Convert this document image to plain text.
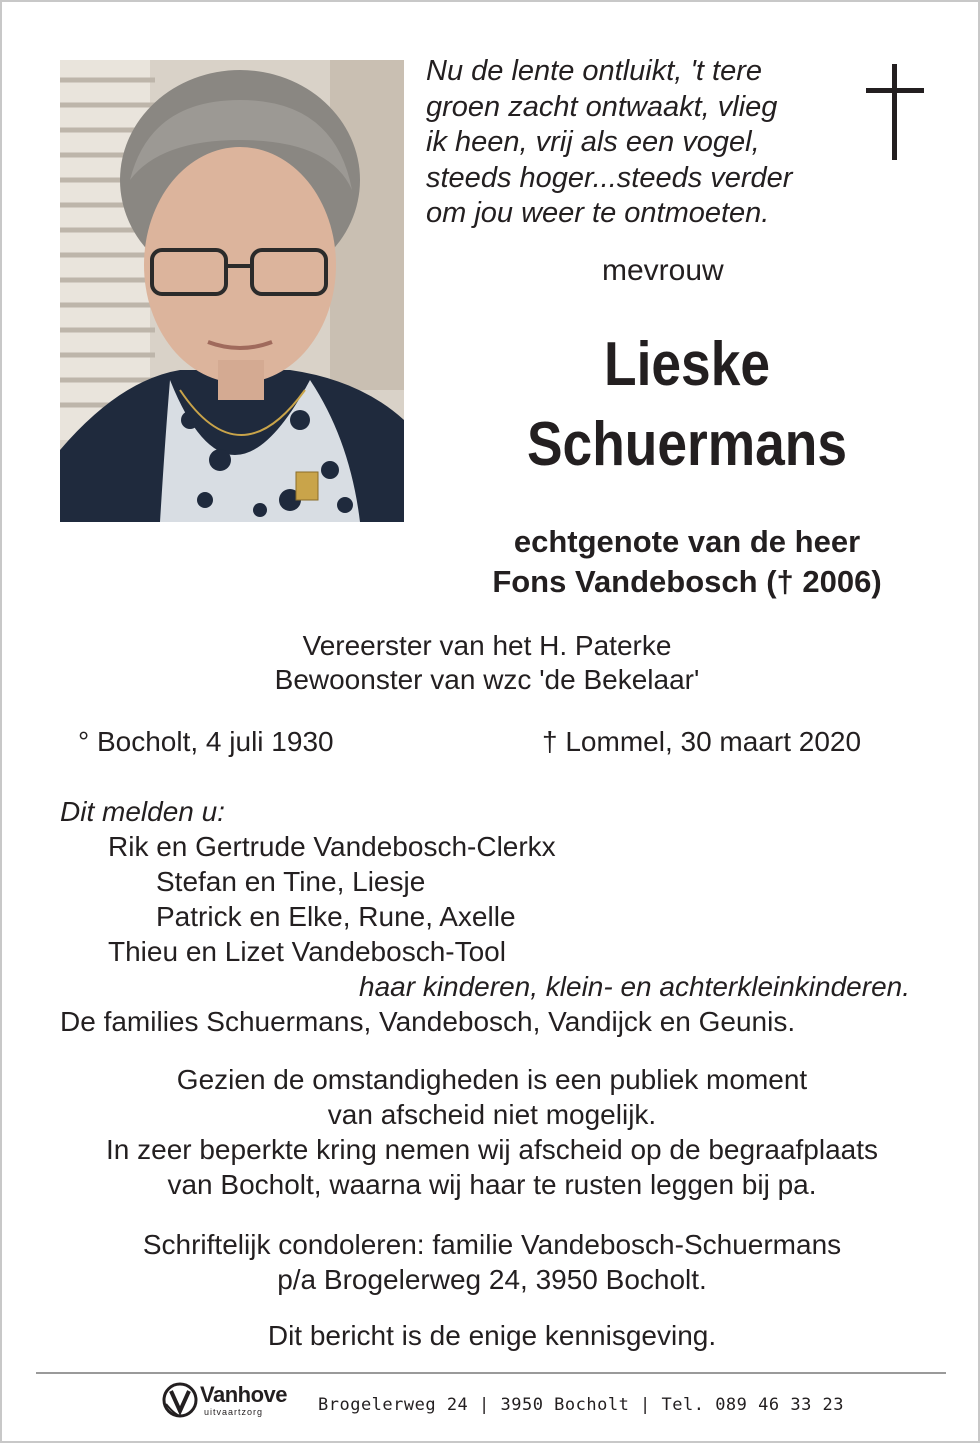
Nu de lente ontluikt, 't tere
groen zacht ontwaakt, vlieg
ik heen, vrij als een vogel,
steeds hoger...steeds verder
om jou weer te ontmoeten.
mevrouw
Lieske
Schuermans
echtgenote van de heer
Fons Vandebosch († 2006)
Vereerster van het H. Paterke
Bewoonster van wzc 'de Bekelaar'
° Bocholt, 4 juli 1930	† Lommel, 30 maart 2020
Dit melden u:
Rik en Gertrude Vandebosch-Clerkx
Stefan en Tine, Liesje
Patrick en Elke, Rune, Axelle
Thieu en Lizet Vandebosch-Tool
haar kinderen, klein- en achterkleinkinderen.
De families Schuermans, Vandebosch, Vandijck en Geunis.
Gezien de omstandigheden is een publiek moment
van afscheid niet mogelijk.
In zeer beperkte kring nemen wij afscheid op de begraafplaats
van Bocholt, waarna wij haar te rusten leggen bij pa.
Schriftelijk condoleren: familie Vandebosch-Schuermans
p/a Brogelerweg 24, 3950 Bocholt.
Dit bericht is de enige kennisgeving.
Vanhove
uitvaartzorg	Brogelerweg 24 | 3950 Bocholt | Tel. 089 46 33 23
